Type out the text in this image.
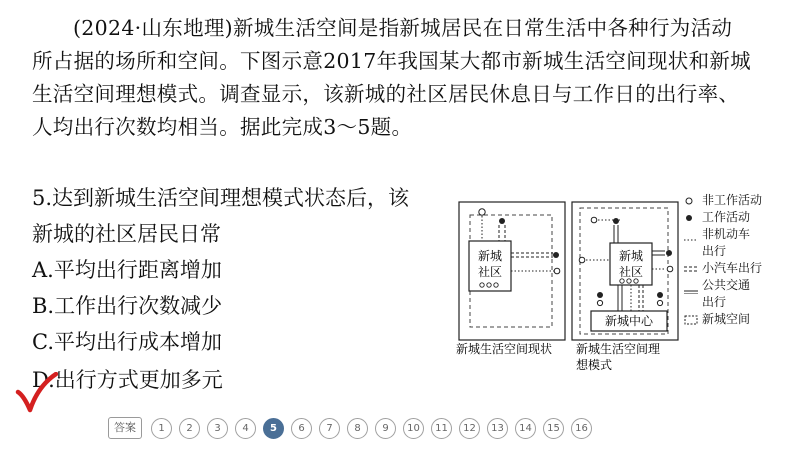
(2024·山东地理)新城生活空间是指新城居民在日常生活中各种行为活动

所占据的场所和空间。下图示意2017年我国某大都市新城生活空间现状和新城
生活空间理想模式。调查显示，该新城的社区居民休息日与工作日的出行率、
人均出行次数均相当。据此完成3～5题。
5.达到新城生活空间理想模式状态后，该
新城的社区居民日常
A.平均出行距离增加
B.工作出行次数减少
C.平均出行成本增加
D.出行方式更加多元
新城
社区
新城生活空间现状
新城
社区
新城中心
新城生活空间理
想模式
非工作活动
工作活动
非机动车
出行
小汽车出行
公共交通
出行
新城空间
答案	1	2	3	4	5	6	7	8	9	10	11	12	13	14	15	16
